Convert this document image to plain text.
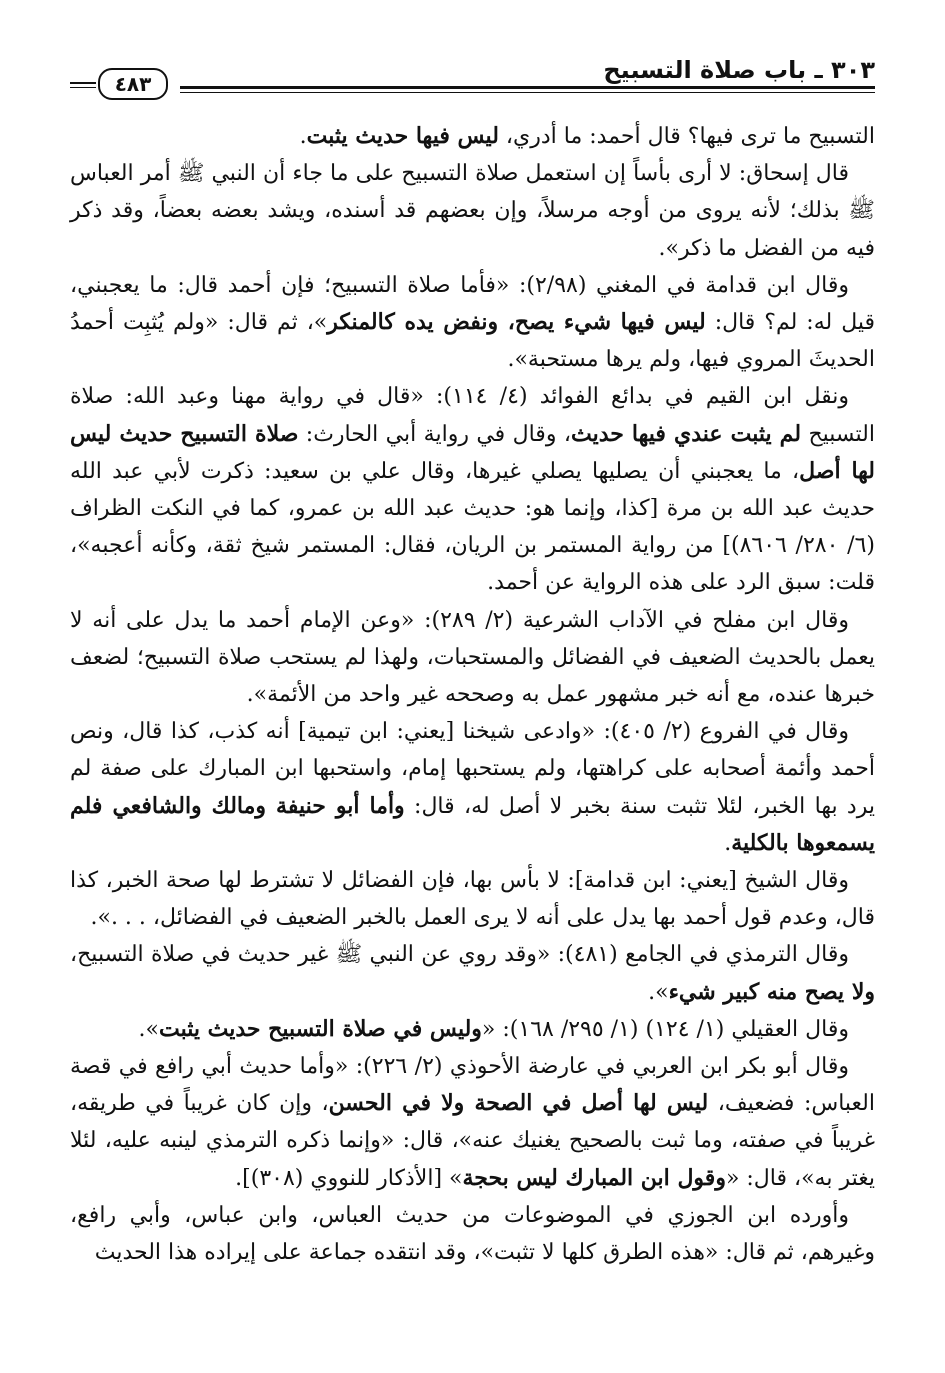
٣٠٣ ـ باب صلاة التسبيح
٤٨٣

التسبيح ما ترى فيها؟ قال أحمد: ما أدري، ليس فيها حديث يثبت.

قال إسحاق: لا أرى بأساً إن استعمل صلاة التسبيح على ما جاء أن النبي ﷺ أمر العباس ﷺ بذلك؛ لأنه يروى من أوجه مرسلاً، وإن بعضهم قد أسنده، ويشد بعضه بعضاً، وقد ذكر فيه من الفضل ما ذكر».

وقال ابن قدامة في المغني (٢/٩٨): «فأما صلاة التسبيح؛ فإن أحمد قال: ما يعجبني، قيل له: لم؟ قال: ليس فيها شيء يصح، ونفض يده كالمنكر»، ثم قال: «ولم يُثبِت أحمدُ الحديثَ المروي فيها، ولم يرها مستحبة».

ونقل ابن القيم في بدائع الفوائد (٤/ ١١٤): «قال في رواية مهنا وعبد الله: صلاة التسبيح لم يثبت عندي فيها حديث، وقال في رواية أبي الحارث: صلاة التسبيح حديث ليس لها أصل، ما يعجبني أن يصليها يصلي غيرها، وقال علي بن سعيد: ذكرت لأبي عبد الله حديث عبد الله بن مرة [كذا، وإنما هو: حديث عبد الله بن عمرو، كما في النكت الظراف (٦/ ٢٨٠/ ٨٦٠٦)] من رواية المستمر بن الريان، فقال: المستمر شيخ ثقة، وكأنه أعجبه»، قلت: سبق الرد على هذه الرواية عن أحمد.

وقال ابن مفلح في الآداب الشرعية (٢/ ٢٨٩): «وعن الإمام أحمد ما يدل على أنه لا يعمل بالحديث الضعيف في الفضائل والمستحبات، ولهذا لم يستحب صلاة التسبيح؛ لضعف خبرها عنده، مع أنه خبر مشهور عمل به وصححه غير واحد من الأئمة».

وقال في الفروع (٢/ ٤٠٥): «وادعى شيخنا [يعني: ابن تيمية] أنه كذب، كذا قال، ونص أحمد وأئمة أصحابه على كراهتها، ولم يستحبها إمام، واستحبها ابن المبارك على صفة لم يرد بها الخبر، لئلا تثبت سنة بخبر لا أصل له، قال: وأما أبو حنيفة ومالك والشافعي فلم يسمعوها بالكلية.

وقال الشيخ [يعني: ابن قدامة]: لا بأس بها، فإن الفضائل لا تشترط لها صحة الخبر، كذا قال، وعدم قول أحمد بها يدل على أنه لا يرى العمل بالخبر الضعيف في الفضائل، . . .».

وقال الترمذي في الجامع (٤٨١): «وقد روي عن النبي ﷺ غير حديث في صلاة التسبيح، ولا يصح منه كبير شيء».

وقال العقيلي (١/ ١٢٤) (١/ ٢٩٥/ ١٦٨): «وليس في صلاة التسبيح حديث يثبت».

وقال أبو بكر ابن العربي في عارضة الأحوذي (٢/ ٢٢٦): «وأما حديث أبي رافع في قصة العباس: فضعيف، ليس لها أصل في الصحة ولا في الحسن، وإن كان غريباً في طريقه، غريباً في صفته، وما ثبت بالصحيح يغنيك عنه»، قال: «وإنما ذكره الترمذي لينبه عليه، لئلا يغتر به»، قال: «وقول ابن المبارك ليس بحجة» [الأذكار للنووي (٣٠٨)].

وأورده ابن الجوزي في الموضوعات من حديث العباس، وابن عباس، وأبي رافع، وغيرهم، ثم قال: «هذه الطرق كلها لا تثبت»، وقد انتقده جماعة على إيراده هذا الحديث
